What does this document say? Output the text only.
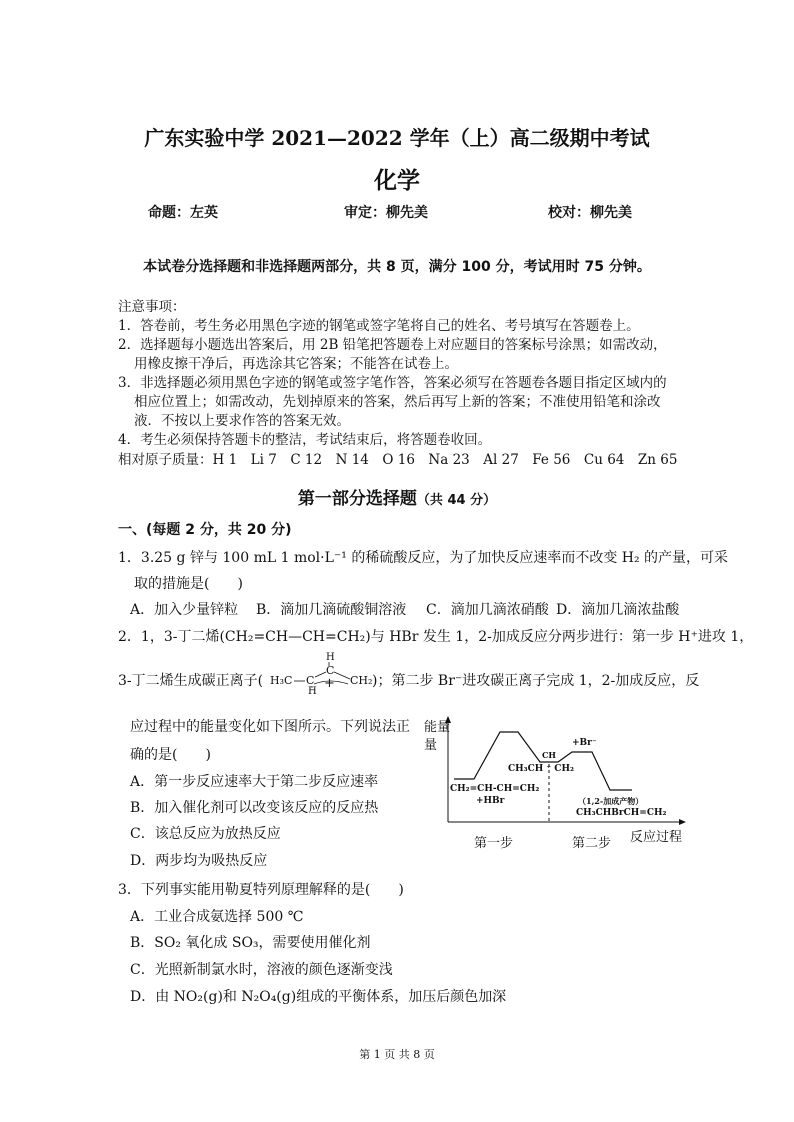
广东实验中学 2021—2022 学年（上）高二级期中考试
化学
命题：左英	审定：柳先美	校对：柳先美
本试卷分选择题和非选择题两部分，共 8 页，满分 100 分，考试用时 75 分钟。
注意事项：
1．答卷前，考生务必用黑色字迹的钢笔或签字笔将自己的姓名、考号填写在答题卷上。
2．选择题每小题选出答案后，用 2B 铅笔把答题卷上对应题目的答案标号涂黑；如需改动，
用橡皮擦干净后，再选涂其它答案；不能答在试卷上。
3．非选择题必须用黑色字迹的钢笔或签字笔作答，答案必须写在答题卷各题目指定区域内的
相应位置上；如需改动，先划掉原来的答案，然后再写上新的答案；不准使用铅笔和涂改
液．不按以上要求作答的答案无效。
4．考生必须保持答题卡的整洁，考试结束后，将答题卷收回。
相对原子质量：H 1　Li 7　C 12　N 14　O 16　Na 23　Al 27　Fe 56　Cu 64　Zn 65
第一部分选择题（共 44 分）
一、(每题 2 分，共 20 分)
1．3.25 g 锌与 100 mL 1 mol·L⁻¹ 的稀硫酸反应，为了加快反应速率而不改变 H₂ 的产量，可采
取的措施是(　　)
A．加入少量锌粒 B．滴加几滴硫酸铜溶液 C．滴加几滴浓硝酸 D．滴加几滴浓盐酸
2．1，3-丁二烯(CH₂=CH—CH=CH₂)与 HBr 发生 1，2-加成反应分两步进行：第一步 H⁺进攻 1，
3-丁二烯生成碳正离子(
H
C
H₃C C
H
CH₂
+	)；第二步 Br⁻进攻碳正离子完成 1，2-加成反应，反
应过程中的能量变化如下图所示。下列说法正
确的是(　　)
A．第一步反应速率大于第二步反应速率
B．加入催化剂可以改变该反应的反应热
C．该总反应为放热反应
D．两步均为吸热反应
能量
量
CH₂=CH-CH=CH₂
+HBr
CH
CH₃CH ⁺ CH₂
+Br⁻
（1,2-加成产物）
CH₃CHBrCH=CH₂
第一步	第二步 反应过程
3．下列事实能用勒夏特列原理解释的是(　　)
A．工业合成氨选择 500 ℃
B．SO₂ 氧化成 SO₃，需要使用催化剂
C．光照新制氯水时，溶液的颜色逐渐变浅
D．由 NO₂(g)和 N₂O₄(g)组成的平衡体系，加压后颜色加深
第 1 页 共 8 页
